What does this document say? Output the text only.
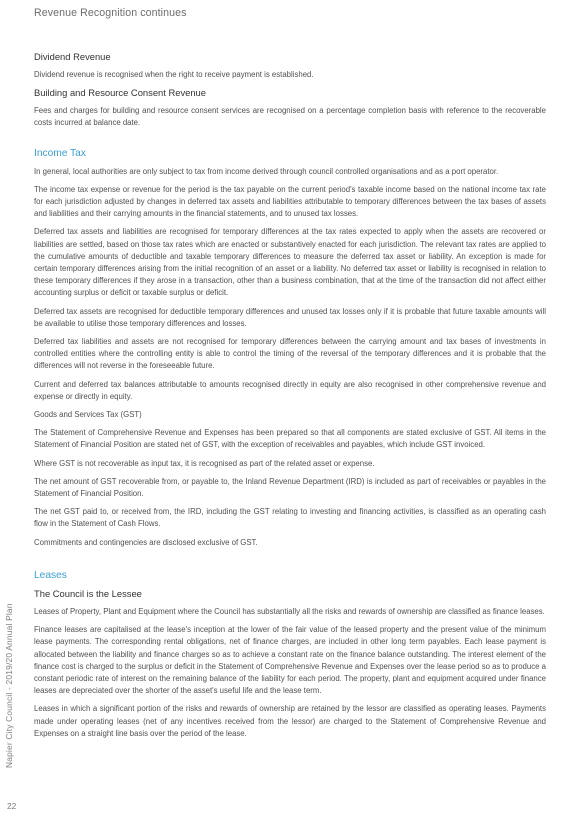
Revenue Recognition continues
Dividend Revenue

Dividend revenue is recognised when the right to receive payment is established.

Building and Resource Consent Revenue

Fees and charges for building and resource consent services are recognised on a percentage completion basis with reference to the recoverable costs incurred at balance date.

Income Tax

In general, local authorities are only subject to tax from income derived through council controlled organisations and as a port operator.

The income tax expense or revenue for the period is the tax payable on the current period's taxable income based on the national income tax rate for each jurisdiction adjusted by changes in deferred tax assets and liabilities attributable to temporary differences between the tax bases of assets and liabilities and their carrying amounts in the financial statements, and to unused tax losses.

Deferred tax assets and liabilities are recognised for temporary differences at the tax rates expected to apply when the assets are recovered or liabilities are settled, based on those tax rates which are enacted or substantively enacted for each jurisdiction. The relevant tax rates are applied to the cumulative amounts of deductible and taxable temporary differences to measure the deferred tax asset or liability. An exception is made for certain temporary differences arising from the initial recognition of an asset or a liability. No deferred tax asset or liability is recognised in relation to these temporary differences if they arose in a transaction, other than a business combination, that at the time of the transaction did not affect either accounting surplus or deficit or taxable surplus or deficit.

Deferred tax assets are recognised for deductible temporary differences and unused tax losses only if it is probable that future taxable amounts will be available to utilise those temporary differences and losses.

Deferred tax liabilities and assets are not recognised for temporary differences between the carrying amount and tax bases of investments in controlled entities where the controlling entity is able to control the timing of the reversal of the temporary differences and it is probable that the differences will not reverse in the foreseeable future.

Current and deferred tax balances attributable to amounts recognised directly in equity are also recognised in other comprehensive revenue and expense or directly in equity.

Goods and Services Tax (GST)

The Statement of Comprehensive Revenue and Expenses has been prepared so that all components are stated exclusive of GST. All items in the Statement of Financial Position are stated net of GST, with the exception of receivables and payables, which include GST invoiced.

Where GST is not recoverable as input tax, it is recognised as part of the related asset or expense.

The net amount of GST recoverable from, or payable to, the Inland Revenue Department (IRD) is included as part of receivables or payables in the Statement of Financial Position.

The net GST paid to, or received from, the IRD, including the GST relating to investing and financing activities, is classified as an operating cash flow in the Statement of Cash Flows.

Commitments and contingencies are disclosed exclusive of GST.

Leases
The Council is the Lessee

Leases of Property, Plant and Equipment where the Council has substantially all the risks and rewards of ownership are classified as finance leases.

Finance leases are capitalised at the lease's inception at the lower of the fair value of the leased property and the present value of the minimum lease payments. The corresponding rental obligations, net of finance charges, are included in other long term payables. Each lease payment is allocated between the liability and finance charges so as to achieve a constant rate on the finance balance outstanding. The interest element of the finance cost is charged to the surplus or deficit in the Statement of Comprehensive Revenue and Expenses over the lease period so as to produce a constant periodic rate of interest on the remaining balance of the liability for each period. The property, plant and equipment acquired under finance leases are depreciated over the shorter of the asset's useful life and the lease term.

Leases in which a significant portion of the risks and rewards of ownership are retained by the lessor are classified as operating leases. Payments made under operating leases (net of any incentives received from the lessor) are charged to the Statement of Comprehensive Revenue and Expenses on a straight line basis over the period of the lease.

Napier City Council - 2019/20 Annual Plan
22
